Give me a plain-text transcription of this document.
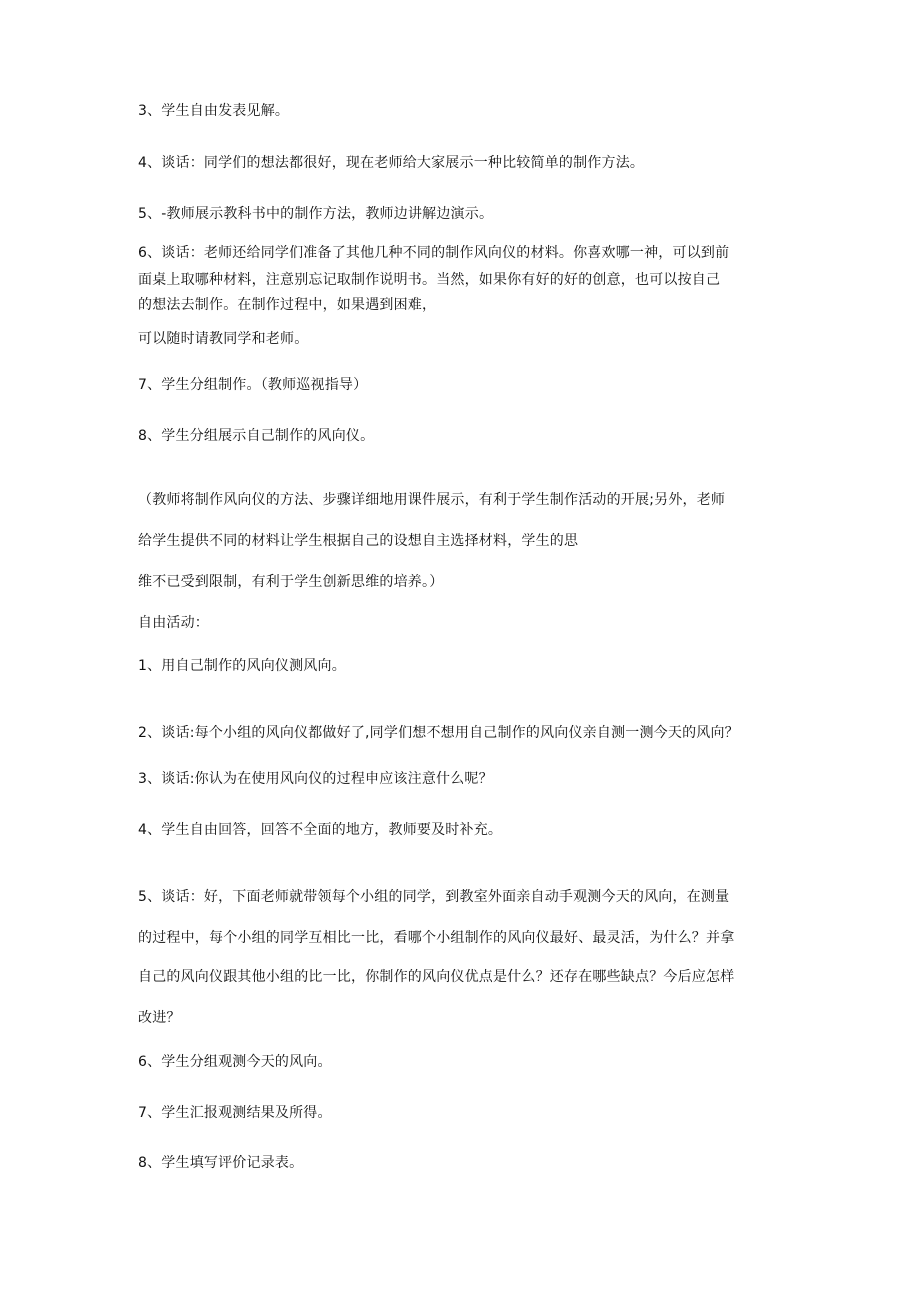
3、学生自由发表见解。
4、谈话：同学们的想法都很好，现在老师给大家展示一种比较简单的制作方法。
5、-教师展示教科书中的制作方法，教师边讲解边演示。
6、谈话：老师还给同学们准备了其他几种不同的制作风向仪的材料。你喜欢哪一神，可以到前
面桌上取哪种材料，注意别忘记取制作说明书。当然，如果你有好的好的创意，也可以按自己
的想法去制作。在制作过程中，如果遇到困难，
可以随时请教同学和老师。
7、学生分组制作。（教师巡视指导）
8、学生分组展示自己制作的风向仪。
（教师将制作风向仪的方法、步骤详细地用课件展示，有利于学生制作活动的开展;另外，老师
给学生提供不同的材料让学生根据自己的设想自主选择材料，学生的思
维不已受到限制，有利于学生创新思维的培养。）
自由活动：
1、用自己制作的风向仪测风向。
2、谈话:每个小组的风向仪都做好了,同学们想不想用自己制作的风向仪亲自测一测今天的风向？
3、谈话:你认为在使用风向仪的过程申应该注意什么呢？
4、学生自由回答，回答不全面的地方，教师要及时补充。
5、谈话：好，下面老师就带领每个小组的同学，到教室外面亲自动手观测今天的风向，在测量
的过程中，每个小组的同学互相比一比，看哪个小组制作的风向仪最好、最灵活，为什么？并拿
自己的风向仪跟其他小组的比一比，你制作的风向仪优点是什么？还存在哪些缺点？今后应怎样
改进？
6、学生分组观测今天的风向。
7、学生汇报观测结果及所得。
8、学生填写评价记录表。
